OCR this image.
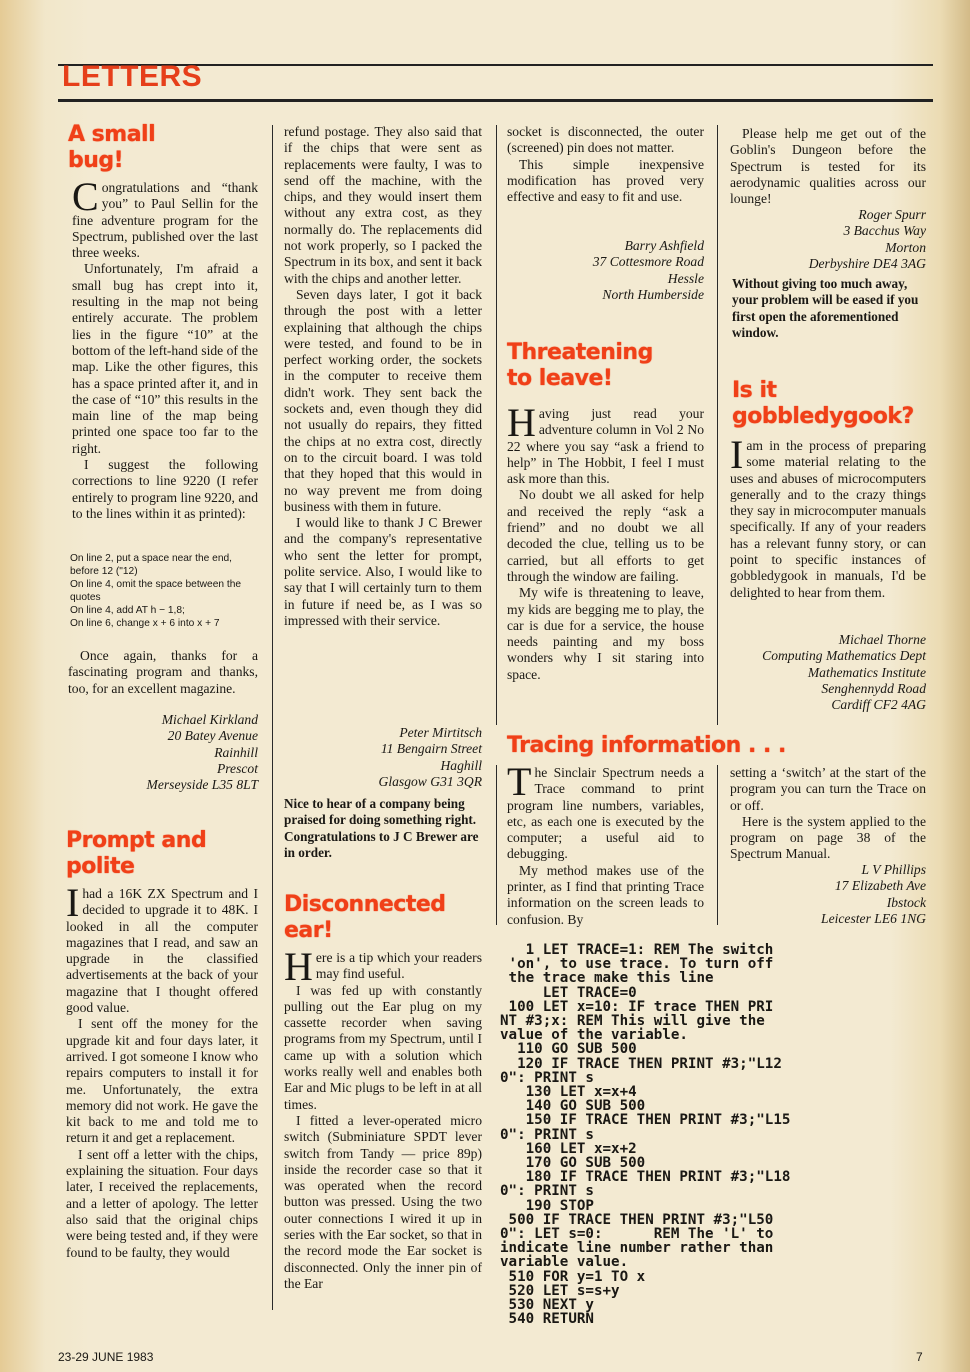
LETTERS
A small
bug!

Congratulations and “thank you” to Paul Sellin for the fine adventure program for the Spectrum, published over the last three weeks.

Unfortunately, I'm afraid a small bug has crept into it, resulting in the map not being entirely accurate. The problem lies in the figure “10” at the bottom of the left-hand side of the map. Like the other figures, this has a space printed after it, and in the case of “10” this results in the main line of the map being printed one space too far to the right.

I suggest the following corrections to line 9220 (I refer entirely to program line 9220, and to the lines within it as printed):

On line 2, put a space near the end, before 12 ("12)
On line 4, omit the space between the quotes
On line 4, add AT h − 1,8;
On line 6, change x + 6 into x + 7

Once again, thanks for a fascinating program and thanks, too, for an excellent magazine.

Michael Kirkland
20 Batey Avenue
Rainhill
Prescot
Merseyside L35 8LT
Prompt and
polite

Ihad a 16K ZX Spectrum and I decided to upgrade it to 48K. I looked in all the computer magazines that I read, and saw an upgrade in the classified advertisements at the back of your magazine that I thought offered good value.

I sent off the money for the upgrade kit and four days later, it arrived. I got someone I know who repairs computers to install it for me. Unfortunately, the extra memory did not work. He gave the kit back to me and told me to return it and get a replacement.

I sent off a letter with the chips, explaining the situation. Four days later, I received the replacements, and a letter of apology. The letter also said that the original chips were being tested and, if they were found to be faulty, they would

refund postage. They also said that if the chips that were sent as replacements were faulty, I was to send off the machine, with the chips, and they would insert them without any extra cost, as they normally do. The replacements did not work properly, so I packed the Spectrum in its box, and sent it back with the chips and another letter.

Seven days later, I got it back through the post with a letter explaining that although the chips were tested, and found to be in perfect working order, the sockets in the computer to receive them didn't work. They sent back the sockets and, even though they did not usually do repairs, they fitted the chips at no extra cost, directly on to the circuit board. I was told that they hoped that this would in no way prevent me from doing business with them in future.

I would like to thank J C Brewer and the company's representative who sent the letter for prompt, polite service. Also, I would like to say that I will certainly turn to them in future if need be, as I was so impressed with their service.

Peter Mirtitsch
11 Bengairn Street
Haghill
Glasgow G31 3QR
Nice to hear of a company being praised for doing something right. Congratulations to J C Brewer are in order.
Disconnected
ear!

Here is a tip which your readers may find useful.

I was fed up with constantly pulling out the Ear plug on my cassette recorder when saving programs from my Spectrum, until I came up with a solution which works really well and enables both Ear and Mic plugs to be left in at all times.

I fitted a lever-operated micro switch (Subminiature SPDT lever switch from Tandy — price 89p) inside the recorder case so that it was operated when the record button was pressed. Using the two outer connections I wired it up in series with the Ear socket, so that in the record mode the Ear socket is disconnected. Only the inner pin of the Ear

socket is disconnected, the outer (screened) pin does not matter.

This simple inexpensive modification has proved very effective and easy to fit and use.

Barry Ashfield
37 Cottesmore Road
Hessle
North Humberside
Threatening
to leave!

Having just read your adventure column in Vol 2 No 22 where you say “ask a friend to help” in The Hobbit, I feel I must ask more than this.

No doubt we all asked for help and received the reply “ask a friend” and no doubt we all decoded the clue, telling us to be carried, but all efforts to get through the window are failing.

My wife is threatening to leave, my kids are begging me to play, the car is due for a service, the house needs painting and my boss wonders why I sit staring into space.

Please help me get out of the Goblin's Dungeon before the Spectrum is tested for its aerodynamic qualities across our lounge!

Roger Spurr
3 Bacchus Way
Morton
Derbyshire DE4 3AG
Without giving too much away, your problem will be eased if you first open the aforementioned window.
Is it
gobbledygook?

Iam in the process of preparing some material relating to the uses and abuses of microcomputers generally and to the crazy things they say in microcomputer manuals specifically. If any of your readers has a relevant funny story, or can point to specific instances of gobbledygook in manuals, I'd be delighted to hear from them.

Michael Thorne
Computing Mathematics Dept
Mathematics Institute
Senghennydd Road
Cardiff CF2 4AG
Tracing information . . .

The Sinclair Spectrum needs a Trace command to print program line numbers, variables, etc, as each one is executed by the computer; a useful aid to debugging.

My method makes use of the printer, as I find that printing Trace information on the screen leads to confusion. By

setting a ‘switch’ at the start of the program you can turn the Trace on or off.

Here is the system applied to the program on page 38 of the Spectrum Manual.

L V Phillips
17 Elizabeth Ave
Ibstock
Leicester LE6 1NG
1 LET TRACE=1: REM The switch
'on', to use trace. To turn off
the trace make this line
LET TRACE=0
100 LET x=10: IF trace THEN PRI
NT #3;x: REM This will give the
value of the variable.
110 GO SUB 500
120 IF TRACE THEN PRINT #3;"L12
0": PRINT s
130 LET x=x+4
140 GO SUB 500
150 IF TRACE THEN PRINT #3;"L15
0": PRINT s
160 LET x=x+2
170 GO SUB 500
180 IF TRACE THEN PRINT #3;"L18
0": PRINT s
190 STOP
500 IF TRACE THEN PRINT #3;"L50
0": LET s=0:      REM The 'L' to
indicate line number rather than
variable value.
510 FOR y=1 TO x
520 LET s=s+y
530 NEXT y
540 RETURN
23-29 JUNE 1983	7
